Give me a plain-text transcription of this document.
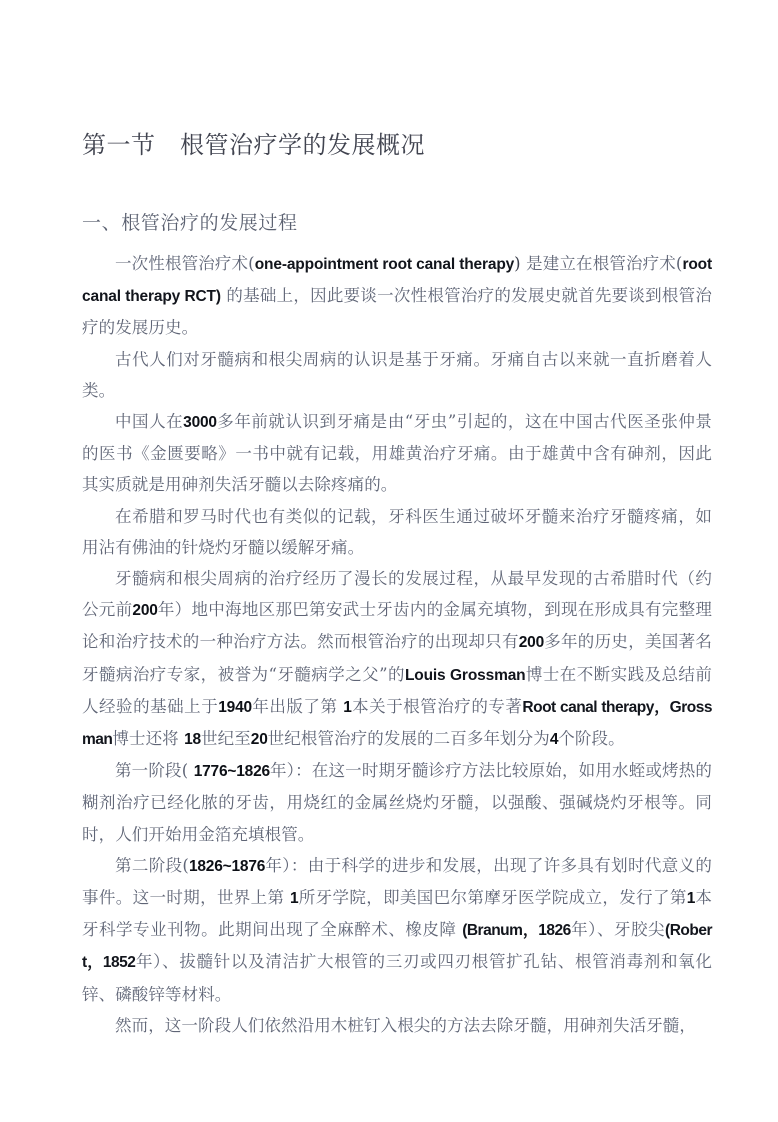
第一节　根管治疗学的发展概况
一、根管治疗的发展过程

一次性根管治疗术(one-appointment root canal therapy) 是建立在根管治疗术(root canal therapy RCT) 的基础上，因此要谈一次性根管治疗的发展史就首先要谈到根管治疗的发展历史。

古代人们对牙髓病和根尖周病的认识是基于牙痛。牙痛自古以来就一直折磨着人类。

中国人在3000多年前就认识到牙痛是由“牙虫”引起的，这在中国古代医圣张仲景的医书《金匮要略》一书中就有记载，用雄黄治疗牙痛。由于雄黄中含有砷剂，因此其实质就是用砷剂失活牙髓以去除疼痛的。

在希腊和罗马时代也有类似的记载，牙科医生通过破坏牙髓来治疗牙髓疼痛，如用沾有佛油的针烧灼牙髓以缓解牙痛。

牙髓病和根尖周病的治疗经历了漫长的发展过程，从最早发现的古希腊时代（约公元前200年）地中海地区那巴第安武士牙齿内的金属充填物，到现在形成具有完整理论和治疗技术的一种治疗方法。然而根管治疗的出现却只有200多年的历史，美国著名牙髓病治疗专家，被誉为“牙髓病学之父”的Louis Grossman博士在不断实践及总结前人经验的基础上于1940年出版了第 1本关于根管治疗的专著Root canal therapy，Grossman博士还将 18世纪至20世纪根管治疗的发展的二百多年划分为4个阶段。

第一阶段( 1776~1826年）：在这一时期牙髓诊疗方法比较原始，如用水蛭或烤热的糊剂治疗已经化脓的牙齿，用烧红的金属丝烧灼牙髓，以强酸、强碱烧灼牙根等。同时，人们开始用金箔充填根管。

第二阶段(1826~1876年）：由于科学的进步和发展，出现了许多具有划时代意义的事件。这一时期，世界上第 1所牙学院，即美国巴尔第摩牙医学院成立，发行了第1本牙科学专业刊物。此期间出现了全麻醉术、橡皮障 (Branum，1826年）、牙胶尖(Robert，1852年）、拔髓针以及清洁扩大根管的三刃或四刃根管扩孔钻、根管消毒剂和氧化锌、磷酸锌等材料。

然而，这一阶段人们依然沿用木桩钉入根尖的方法去除牙髓，用砷剂失活牙髓，
